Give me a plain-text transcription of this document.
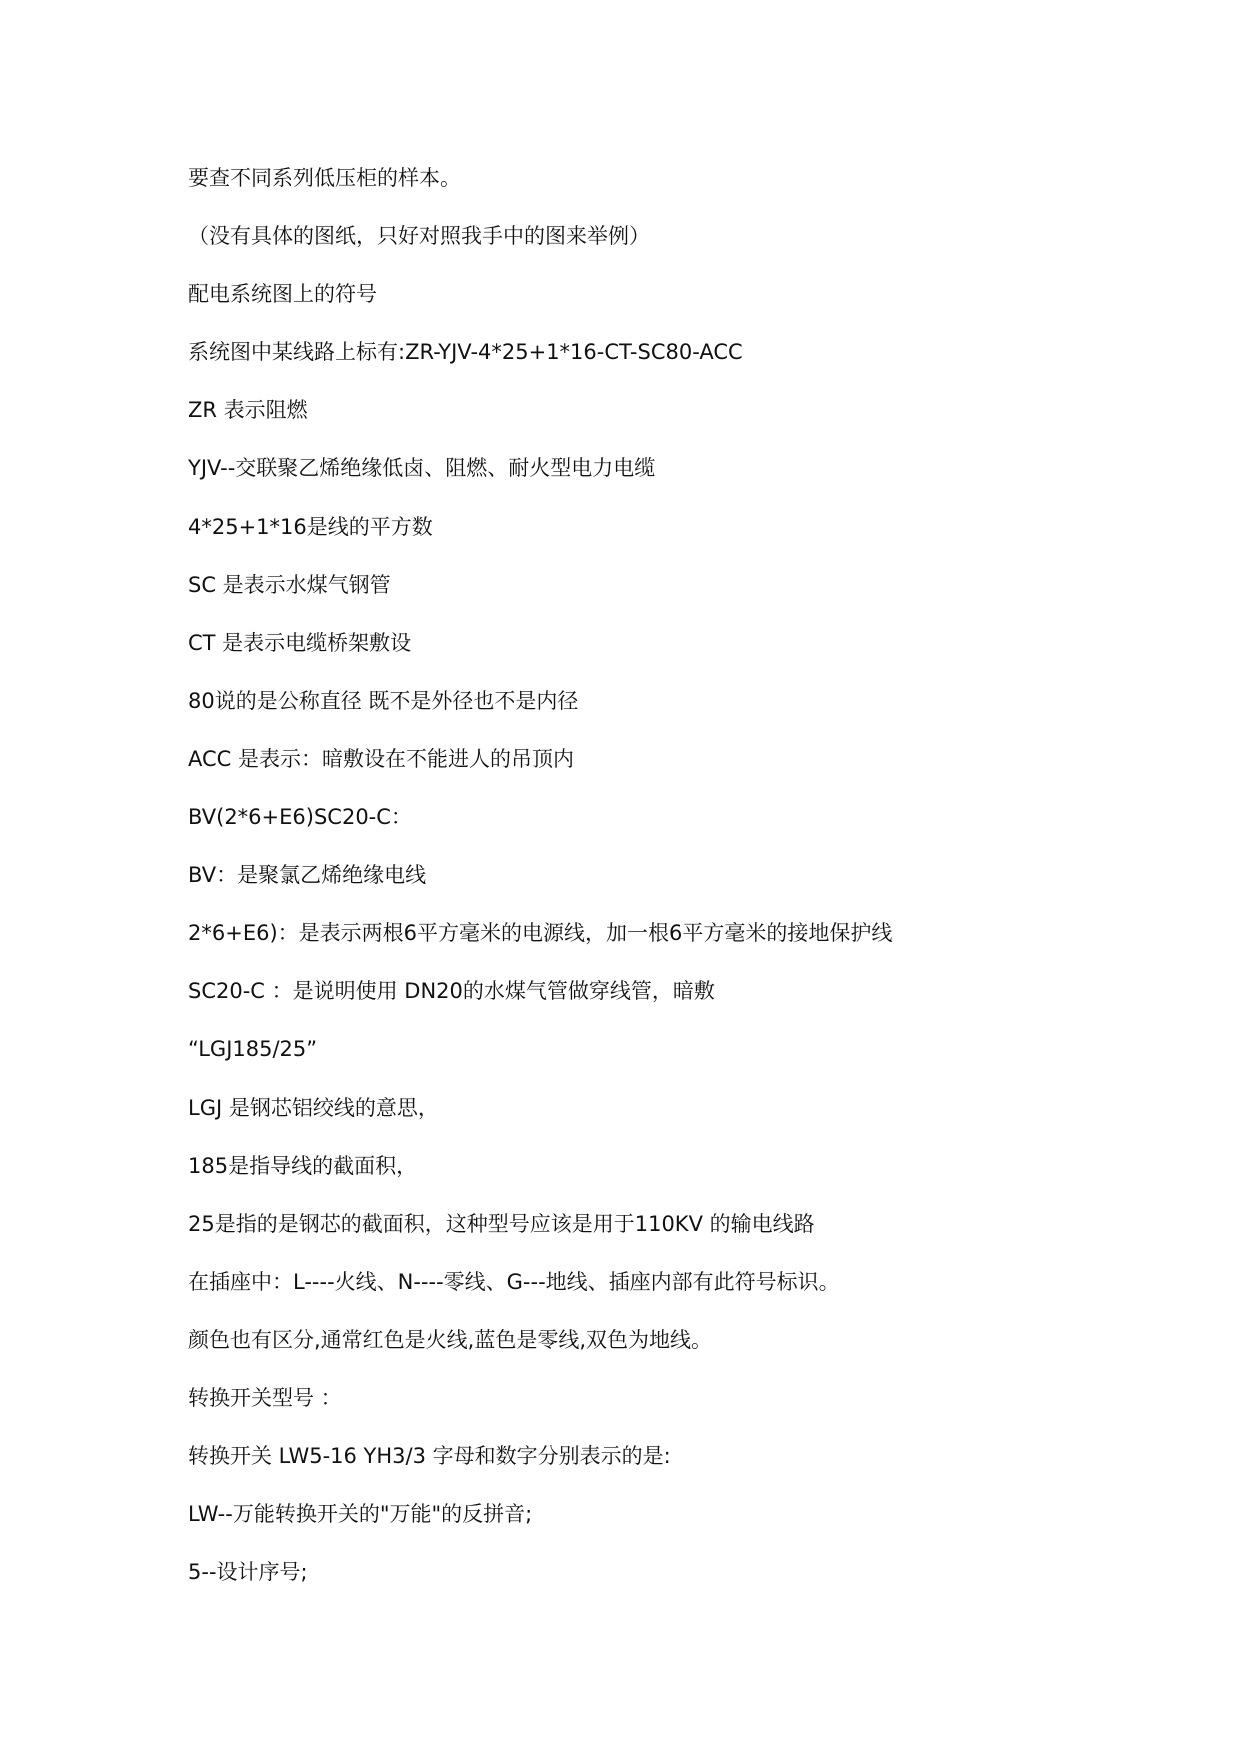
要查不同系列低压柜的样本。
（没有具体的图纸，只好对照我手中的图来举例）
配电系统图上的符号
系统图中某线路上标有:ZR-YJV-4*25+1*16-CT-SC80-ACC
ZR 表示阻燃
YJV--交联聚乙烯绝缘低卤、阻燃、耐火型电力电缆
4*25+1*16是线的平方数
SC 是表示水煤气钢管
CT 是表示电缆桥架敷设
80说的是公称直径 既不是外径也不是内径
ACC 是表示：暗敷设在不能进人的吊顶内
BV(2*6+E6)SC20-C：
BV：是聚氯乙烯绝缘电线
2*6+E6)：是表示两根6平方毫米的电源线，加一根6平方毫米的接地保护线
SC20-C ：是说明使用 DN20的水煤气管做穿线管，暗敷
“LGJ185/25”
LGJ 是钢芯铝绞线的意思，
185是指导线的截面积，
25是指的是钢芯的截面积，这种型号应该是用于110KV 的输电线路
在插座中：L----火线、N----零线、G---地线、插座内部有此符号标识。
颜色也有区分,通常红色是火线,蓝色是零线,双色为地线。
转换开关型号 ：
转换开关 LW5-16 YH3/3 字母和数字分别表示的是:
LW--万能转换开关的"万能"的反拼音;
5--设计序号;
